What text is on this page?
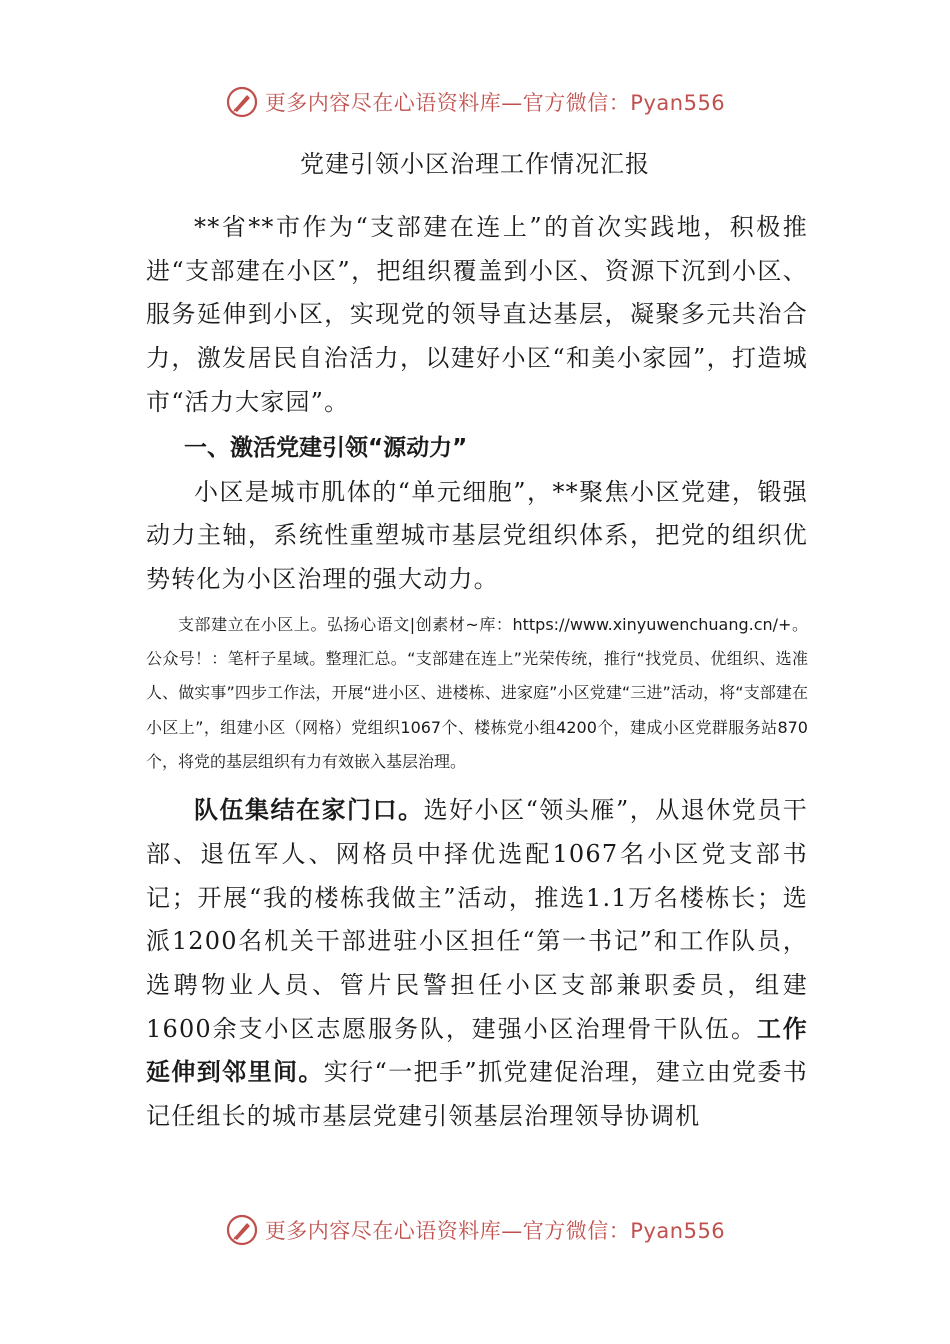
更多内容尽在心语资料库—官方微信：Pyan556
党建引领小区治理工作情况汇报

**省**市作为“支部建在连上”的首次实践地，积极推进“支部建在小区”，把组织覆盖到小区、资源下沉到小区、服务延伸到小区，实现党的领导直达基层，凝聚多元共治合力，激发居民自治活力，以建好小区“和美小家园”，打造城市“活力大家园”。

一、激活党建引领“源动力”

小区是城市肌体的“单元细胞”，**聚焦小区党建，锻强动力主轴，系统性重塑城市基层党组织体系，把党的组织优势转化为小区治理的强大动力。

支部建立在小区上。弘扬心语文|创素材~库：https://www.xinyuwenchuang.cn/+。公众号！：笔杆子星域。整理汇总。“支部建在连上”光荣传统，推行“找党员、优组织、选准人、做实事”四步工作法，开展“进小区、进楼栋、进家庭”小区党建“三进”活动，将“支部建在小区上”，组建小区（网格）党组织1067个、楼栋党小组4200个，建成小区党群服务站870个，将党的基层组织有力有效嵌入基层治理。

队伍集结在家门口。选好小区“领头雁”，从退休党员干部、退伍军人、网格员中择优选配1067名小区党支部书记；开展“我的楼栋我做主”活动，推选1.1万名楼栋长；选派1200名机关干部进驻小区担任“第一书记”和工作队员，选聘物业人员、管片民警担任小区支部兼职委员，组建1600余支小区志愿服务队，建强小区治理骨干队伍。工作延伸到邻里间。实行“一把手”抓党建促治理，建立由党委书记任组长的城市基层党建引领基层治理领导协调机

更多内容尽在心语资料库—官方微信：Pyan556
